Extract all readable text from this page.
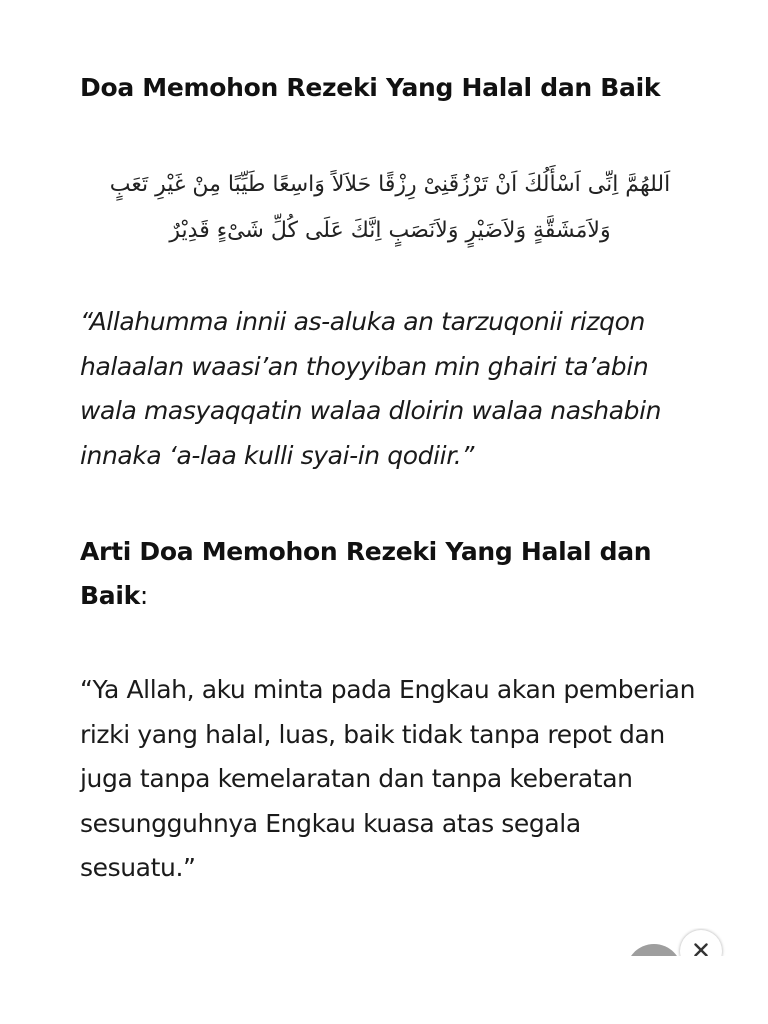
Doa Memohon Rezeki Yang Halal dan Baik

اَللهُمَّ اِنِّى اَسْأَلُكَ اَنْ تَرْزُقَنِىْ رِزْقًا حَلاَلاً وَاسِعًا طَيِّبًا مِنْ غَيْرِ تَعَبٍ وَلاَمَشَقَّةٍ وَلاَضَيْرٍ وَلاَنَصَبٍ اِنَّكَ عَلَى كُلِّ شَىْءٍ قَدِيْرٌ

“Allahumma innii as-aluka an tarzuqonii rizqon halaalan waasi’an thoyyiban min ghairi ta’abin wala masyaqqatin walaa dloirin walaa nashabin innaka ‘a-laa kulli syai-in qodiir.”

Arti Doa Memohon Rezeki Yang Halal dan Baik:

“Ya Allah, aku minta pada Engkau akan pemberian rizki yang halal, luas, baik tidak tanpa repot dan juga tanpa kemelaratan dan tanpa keberatan sesungguhnya Engkau kuasa atas segala sesuatu.”
